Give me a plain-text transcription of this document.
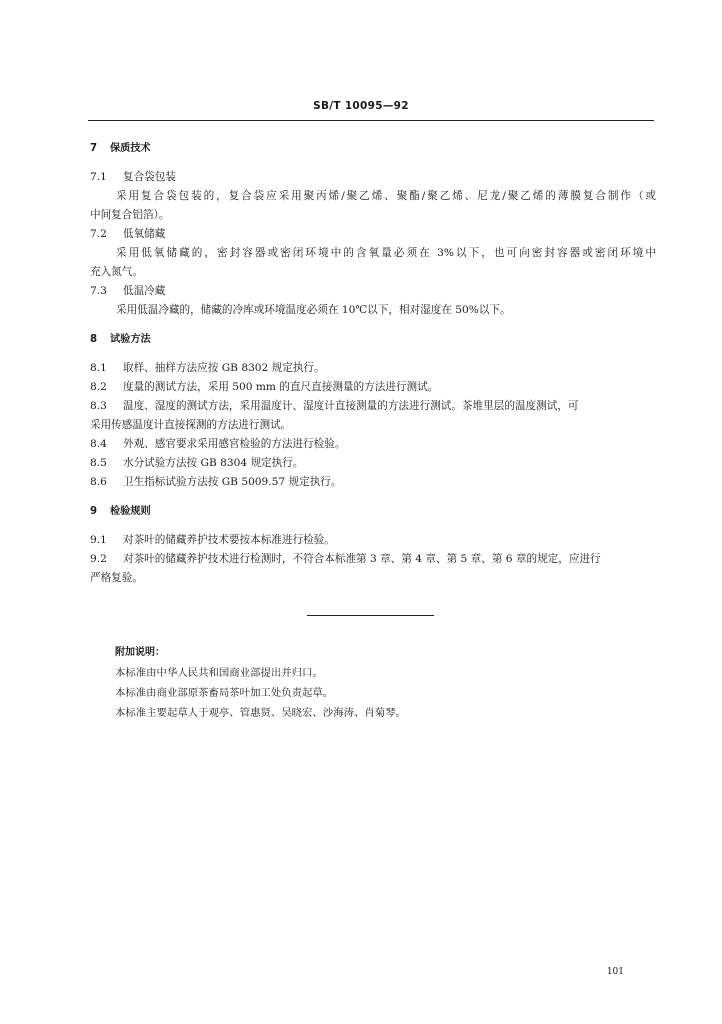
SB/T 10095—92
7 保质技术
7.1 复合袋包装
采用复合袋包装的，复合袋应采用聚丙烯/聚乙烯、聚酯/聚乙烯、尼龙/聚乙烯的薄膜复合制作（或
中间复合铝箔）。
7.2 低氧储藏
采用低氧储藏的，密封容器或密闭环境中的含氧量必须在 3%以下，也可向密封容器或密闭环境中
充入氮气。
7.3 低温冷藏
采用低温冷藏的，储藏的冷库或环境温度必须在 10℃以下，相对湿度在 50%以下。
8 试验方法
8.1 取样、抽样方法应按 GB 8302 规定执行。
8.2 度量的测试方法，采用 500 mm 的直尺直接测量的方法进行测试。
8.3 温度、湿度的测试方法，采用温度计、湿度计直接测量的方法进行测试。茶堆里层的温度测试，可
采用传感温度计直接探测的方法进行测试。
8.4 外观、感官要求采用感官检验的方法进行检验。
8.5 水分试验方法按 GB 8304 规定执行。
8.6 卫生指标试验方法按 GB 5009.57 规定执行。
9 检验规则
9.1 对茶叶的储藏养护技术要按本标准进行检验。
9.2 对茶叶的储藏养护技术进行检测时，不符合本标准第 3 章、第 4 章、第 5 章、第 6 章的规定，应进行
严格复验。
附加说明：
本标准由中华人民共和国商业部提出并归口。
本标准由商业部原茶畜局茶叶加工处负责起草。
本标准主要起草人于观亭、管惠贤、吴晓宏、沙海涛、肖菊琴。
101
